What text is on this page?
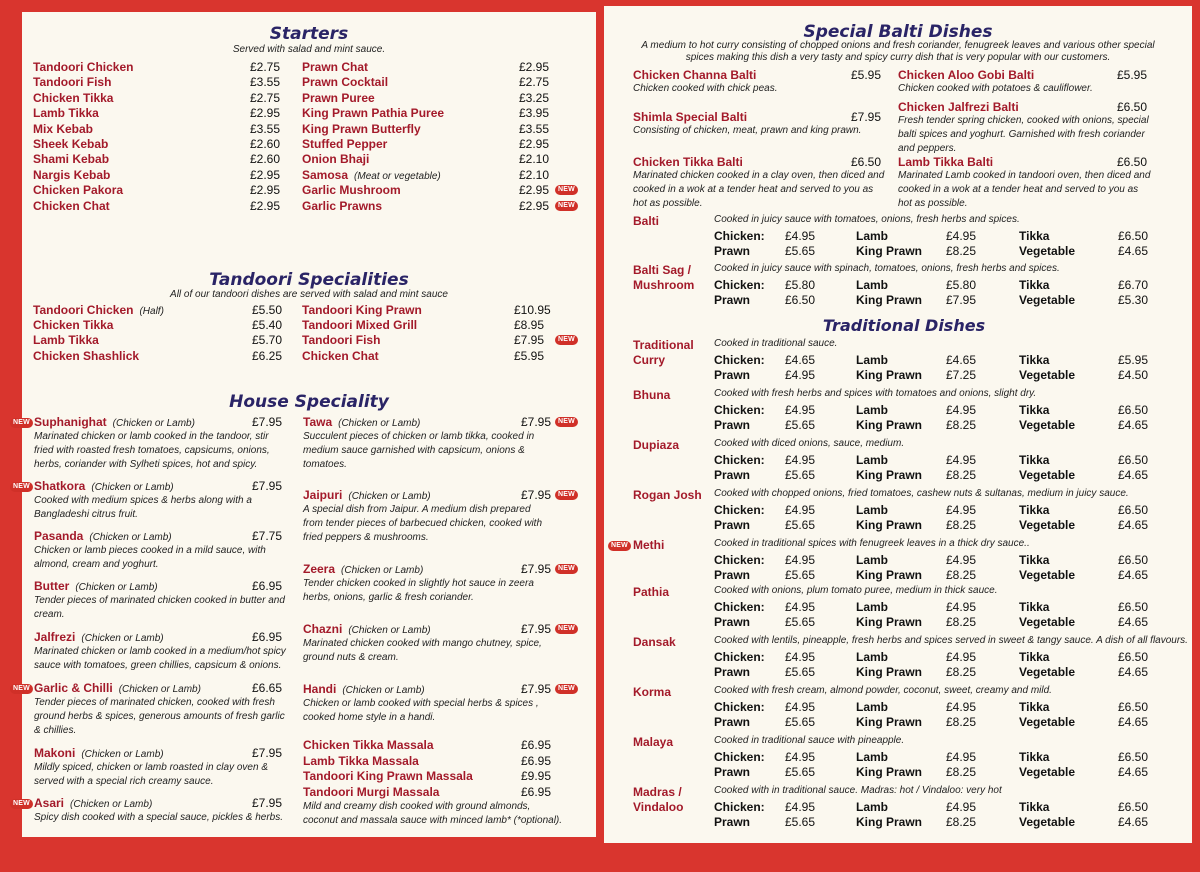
Starters
Served with salad and mint sauce.
Tandoori Chicken	£2.75
Tandoori Fish	£3.55
Chicken Tikka	£2.75
Lamb Tikka	£2.95
Mix Kebab	£3.55
Sheek Kebab	£2.60
Shami Kebab	£2.60
Nargis Kebab	£2.95
Chicken Pakora	£2.95
Chicken Chat	£2.95
Prawn Chat	£2.95
Prawn Cocktail	£2.75
Prawn Puree	£3.25
King Prawn Pathia Puree	£3.95
King Prawn Butterfly	£3.55
Stuffed Pepper	£2.95
Onion Bhaji	£2.10
Samosa (Meat or vegetable)	£2.10
Garlic Mushroom	£2.95	NEW
Garlic Prawns	£2.95	NEW
Tandoori Specialities
All of our tandoori dishes are served with salad and mint sauce
Tandoori Chicken (Half)	£5.50
Chicken Tikka	£5.40
Lamb Tikka	£5.70
Chicken Shashlick	£6.25
Tandoori King Prawn	£10.95
Tandoori Mixed Grill	£8.95
Tandoori Fish	£7.95	NEW
Chicken Chat	£5.95
House Speciality
Suphanighat (Chicken or Lamb)	£7.95
NEW
Marinated chicken or lamb cooked in the tandoor, stir fried with roasted fresh tomatoes, capsicums, onions, herbs, coriander with Sylheti spices, hot and spicy.
Shatkora (Chicken or Lamb)	£7.95
NEW
Cooked with medium spices & herbs along with a Bangladeshi citrus fruit.
Pasanda (Chicken or Lamb)	£7.75
Chicken or lamb pieces cooked in a mild sauce, with almond, cream and yoghurt.
Butter (Chicken or Lamb)	£6.95
Tender pieces of marinated chicken cooked in butter and cream.
Jalfrezi (Chicken or Lamb)	£6.95
Marinated chicken or lamb cooked in a medium/hot spicy sauce with tomatoes, green chillies, capsicum & onions.
Garlic & Chilli (Chicken or Lamb)	£6.65
NEW
Tender pieces of marinated chicken, cooked with fresh ground herbs & spices, generous amounts of fresh garlic & chillies.
Makoni (Chicken or Lamb)	£7.95
Mildly spiced, chicken or lamb roasted in clay oven & served with a special rich creamy sauce.
Asari (Chicken or Lamb)	£7.95
NEW
Spicy dish cooked with a special sauce, pickles & herbs.
Tawa (Chicken or Lamb)	£7.95 NEW
Succulent pieces of chicken or lamb tikka, cooked in medium sauce garnished with capsicum, onions & tomatoes.
Jaipuri (Chicken or Lamb)	£7.95 NEW
A special dish from Jaipur. A medium dish prepared from tender pieces of barbecued chicken, cooked with fried peppers & mushrooms.
Zeera (Chicken or Lamb)	£7.95 NEW
Tender chicken cooked in slightly hot sauce in zeera herbs, onions, garlic & fresh coriander.
Chazni (Chicken or Lamb)	£7.95 NEW
Marinated chicken cooked with mango chutney, spice, ground nuts & cream.
Handi (Chicken or Lamb)	£7.95 NEW
Chicken or lamb cooked with special herbs & spices , cooked home style in a handi.
Chicken Tikka Massala	£6.95
Lamb Tikka Massala	£6.95
Tandoori King Prawn Massala	£9.95
Tandoori Murgi Massala	£6.95
Mild and creamy dish cooked with ground almonds, coconut and massala sauce with minced lamb* (*optional).
Special Balti Dishes
A medium to hot curry consisting of chopped onions and fresh coriander, fenugreek leaves and various other special spices making this dish a very tasty and spicy curry dish that is very popular with our customers.
Chicken Channa Balti	£5.95
Chicken cooked with chick peas.
Chicken Aloo Gobi Balti	£5.95
Chicken cooked with potatoes & cauliflower.
Shimla Special Balti	£7.95
Consisting of chicken, meat, prawn and king prawn.
Chicken Jalfrezi Balti	£6.50
Fresh tender spring chicken, cooked with onions, special balti spices and yoghurt. Garnished with fresh coriander and peppers.
Chicken Tikka Balti	£6.50
Marinated chicken cooked in a clay oven, then diced and cooked in a wok at a tender heat and served to you as hot as possible.
Lamb Tikka Balti	£6.50
Marinated Lamb cooked in tandoori oven, then diced and cooked in a wok at a tender heat and served to you as hot as possible.
Traditional Dishes
Balti	Cooked in juicy sauce with tomatoes, onions, fresh herbs and spices.
Chicken: £4.95	Lamb	£4.95	Tikka	£6.50
Prawn	£5.65	King Prawn £8.25	Vegetable	£4.65
Balti Sag /
Mushroom
Cooked in juicy sauce with spinach, tomatoes, onions, fresh herbs and spices.
Chicken: £5.80	Lamb	£5.80	Tikka	£6.70
Prawn	£6.50	King Prawn £7.95	Vegetable	£5.30
Traditional
Curry
Cooked in traditional sauce.
Chicken: £4.65	Lamb	£4.65	Tikka	£5.95
Prawn	£4.95	King Prawn £7.25	Vegetable	£4.50
Bhuna	Cooked with fresh herbs and spices with tomatoes and onions, slight dry.
Chicken: £4.95	Lamb	£4.95	Tikka	£6.50
Prawn	£5.65	King Prawn £8.25	Vegetable	£4.65
Dupiaza	Cooked with diced onions, sauce, medium.
Chicken: £4.95	Lamb	£4.95	Tikka	£6.50
Prawn	£5.65	King Prawn £8.25	Vegetable	£4.65
Rogan Josh Cooked with chopped onions, fried tomatoes, cashew nuts & sultanas, medium in juicy sauce.
Chicken: £4.95	Lamb	£4.95	Tikka	£6.50
Prawn	£5.65	King Prawn £8.25	Vegetable	£4.65
Methi
NEW	Cooked in traditional spices with fenugreek leaves in a thick dry sauce..
Chicken: £4.95	Lamb	£4.95	Tikka	£6.50
Prawn	£5.65	King Prawn £8.25	Vegetable	£4.65
Pathia	Cooked with onions, plum tomato puree, medium in thick sauce.
Chicken: £4.95	Lamb	£4.95	Tikka	£6.50
Prawn	£5.65	King Prawn £8.25	Vegetable	£4.65
Dansak	Cooked with lentils, pineapple, fresh herbs and spices served in sweet & tangy sauce. A dish of all flavours.
Chicken: £4.95	Lamb	£4.95	Tikka	£6.50
Prawn	£5.65	King Prawn £8.25	Vegetable	£4.65
Korma	Cooked with fresh cream, almond powder, coconut, sweet, creamy and mild.
Chicken: £4.95	Lamb	£4.95	Tikka	£6.50
Prawn	£5.65	King Prawn £8.25	Vegetable	£4.65
Malaya	Cooked in traditional sauce with pineapple.
Chicken: £4.95	Lamb	£4.95	Tikka	£6.50
Prawn	£5.65	King Prawn £8.25	Vegetable	£4.65
Madras /
Vindaloo
Cooked with in traditional sauce. Madras: hot / Vindaloo: very hot
Chicken: £4.95	Lamb	£4.95	Tikka	£6.50
Prawn	£5.65	King Prawn £8.25	Vegetable	£4.65
